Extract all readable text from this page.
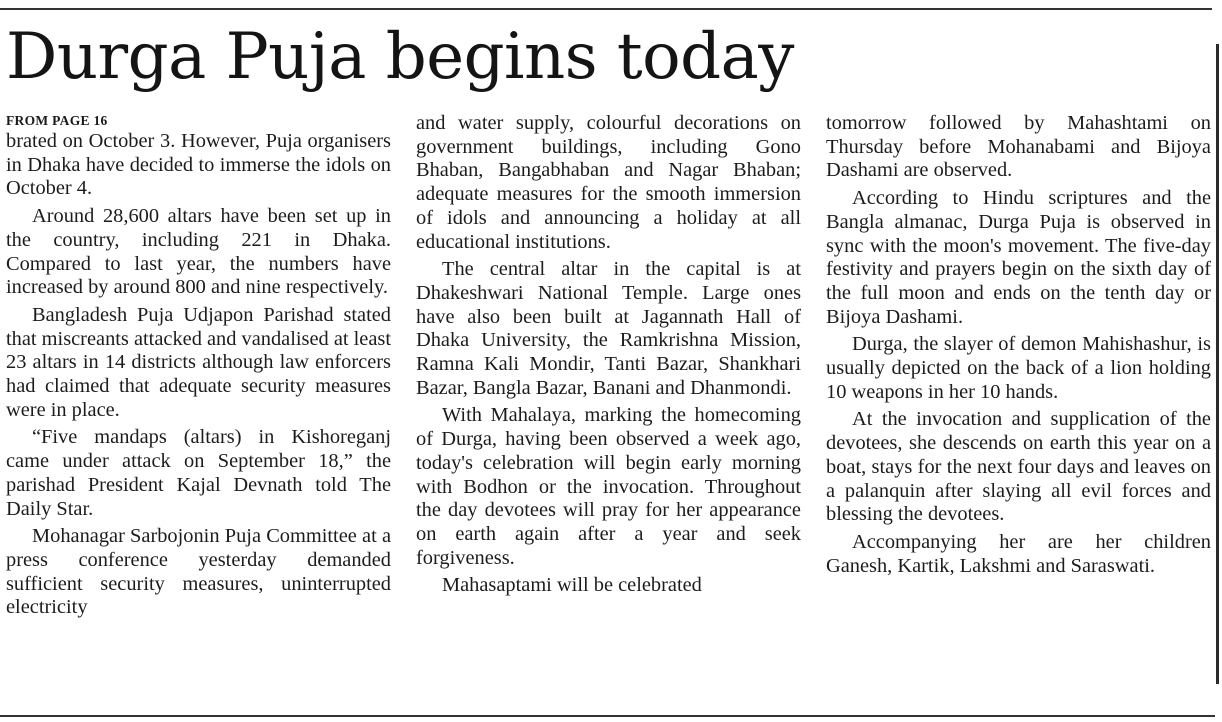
Durga Puja begins today
FROM PAGE 16

brated on October 3. However, Puja organisers in Dhaka have decided to immerse the idols on October 4.

Around 28,600 altars have been set up in the country, including 221 in Dhaka. Compared to last year, the numbers have increased by around 800 and nine respectively.

Bangladesh Puja Udjapon Parishad stated that miscreants attacked and vandalised at least 23 altars in 14 districts although law enforcers had claimed that adequate security measures were in place.

“Five mandaps (altars) in Kishoreganj came under attack on September 18,” the parishad President Kajal Devnath told The Daily Star.

Mohanagar Sarbojonin Puja Committee at a press conference yesterday demanded sufficient security measures, uninterrupted electricity

and water supply, colourful decorations on government buildings, including Gono Bhaban, Bangabhaban and Nagar Bhaban; adequate measures for the smooth immersion of idols and announcing a holiday at all educational institutions.

The central altar in the capital is at Dhakeshwari National Temple. Large ones have also been built at Jagannath Hall of Dhaka University, the Ramkrishna Mission, Ramna Kali Mondir, Tanti Bazar, Shankhari Bazar, Bangla Bazar, Banani and Dhanmondi.

With Mahalaya, marking the homecoming of Durga, having been observed a week ago, today's celebration will begin early morning with Bodhon or the invocation. Throughout the day devotees will pray for her appearance on earth again after a year and seek forgiveness.

Mahasaptami will be celebrated

tomorrow followed by Mahashtami on Thursday before Mohanabami and Bijoya Dashami are observed.

According to Hindu scriptures and the Bangla almanac, Durga Puja is observed in sync with the moon's movement. The five-day festivity and prayers begin on the sixth day of the full moon and ends on the tenth day or Bijoya Dashami.

Durga, the slayer of demon Mahishashur, is usually depicted on the back of a lion holding 10 weapons in her 10 hands.

At the invocation and supplication of the devotees, she descends on earth this year on a boat, stays for the next four days and leaves on a palanquin after slaying all evil forces and blessing the devotees.

Accompanying her are her children Ganesh, Kartik, Lakshmi and Saraswati.
